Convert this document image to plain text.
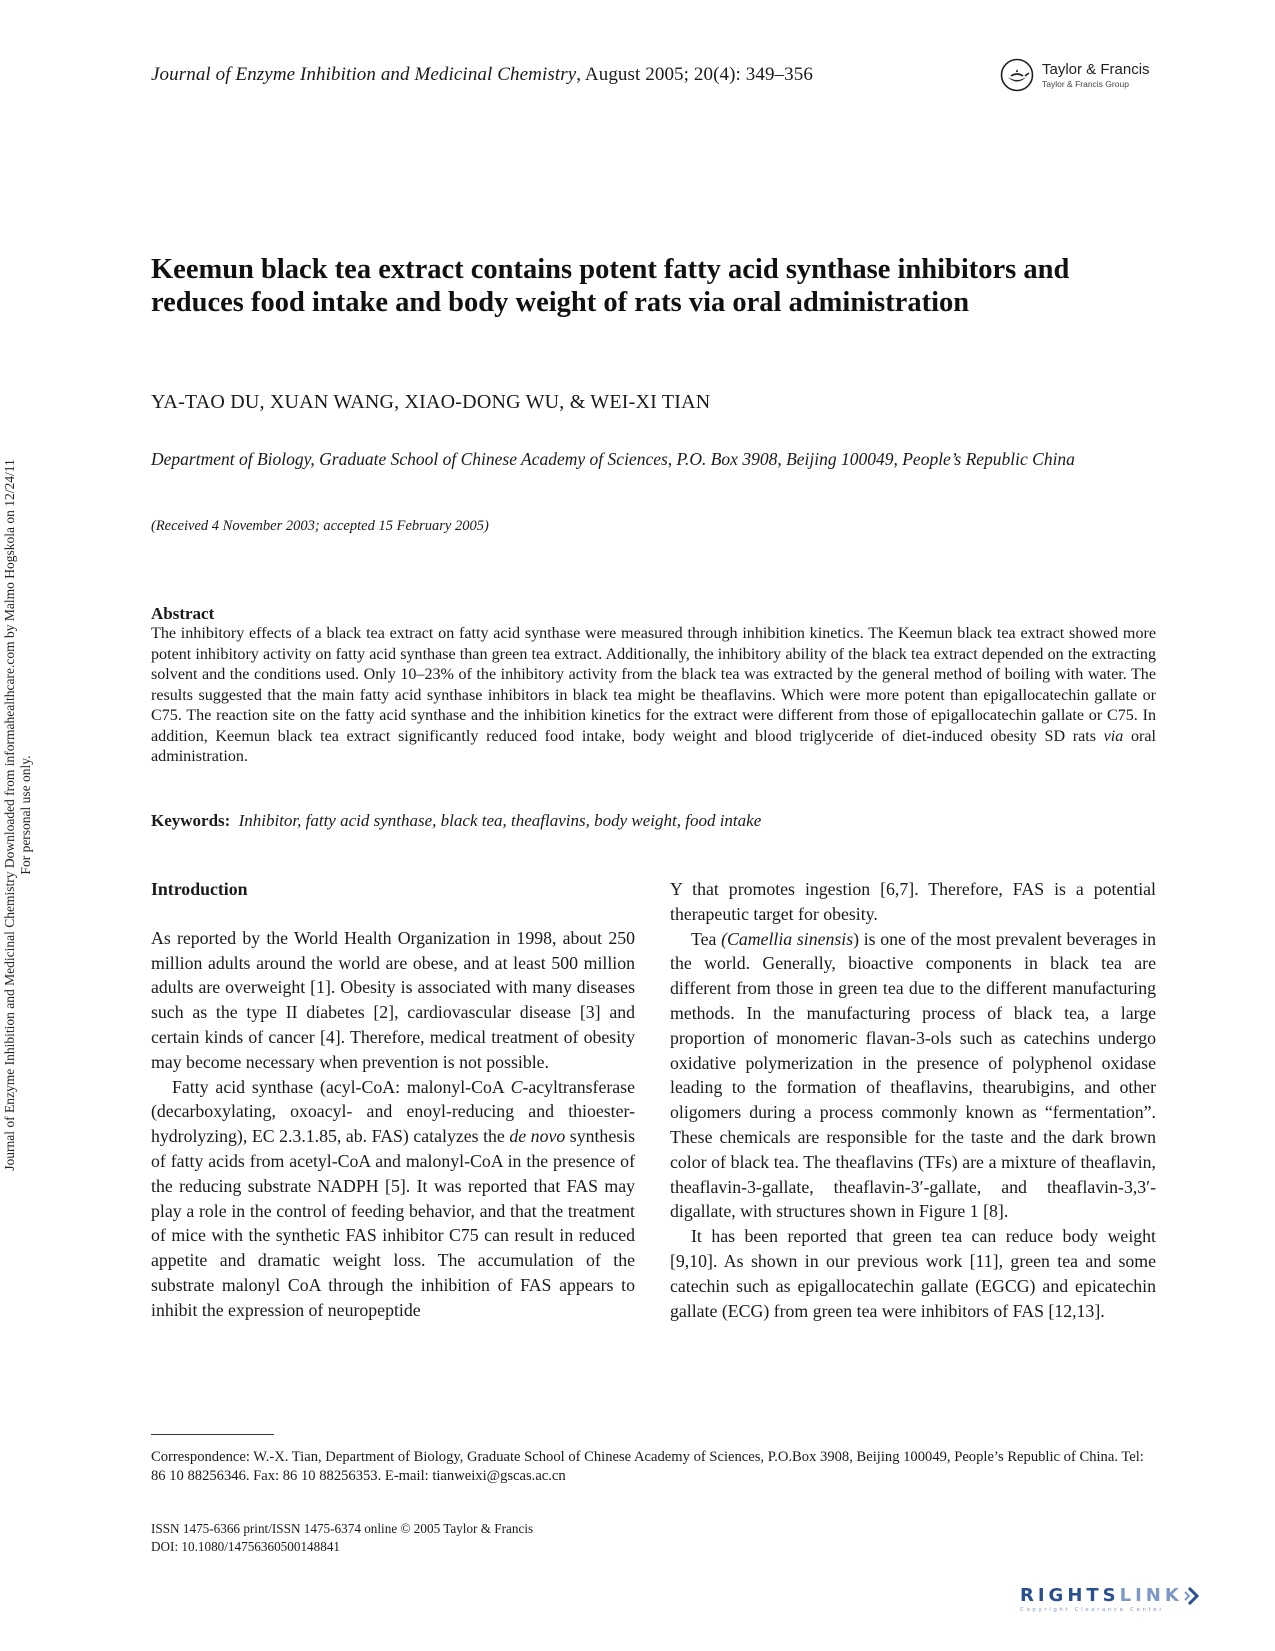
Journal of Enzyme Inhibition and Medicinal Chemistry, August 2005; 20(4): 349–356	Taylor & Francis
Taylor & Francis Group
Journal of Enzyme Inhibition and Medicinal Chemistry Downloaded from informahealthcare.com by Malmo Hogskola on 12/24/11 For personal use only.
Keemun black tea extract contains potent fatty acid synthase inhibitors and reduces food intake and body weight of rats via oral administration
YA-TAO DU, XUAN WANG, XIAO-DONG WU, & WEI-XI TIAN
Department of Biology, Graduate School of Chinese Academy of Sciences, P.O. Box 3908, Beijing 100049, People’s Republic China
(Received 4 November 2003; accepted 15 February 2005)
Abstract
The inhibitory effects of a black tea extract on fatty acid synthase were measured through inhibition kinetics. The Keemun black tea extract showed more potent inhibitory activity on fatty acid synthase than green tea extract. Additionally, the inhibitory ability of the black tea extract depended on the extracting solvent and the conditions used. Only 10–23% of the inhibitory activity from the black tea was extracted by the general method of boiling with water. The results suggested that the main fatty acid synthase inhibitors in black tea might be theaflavins. Which were more potent than epigallocatechin gallate or C75. The reaction site on the fatty acid synthase and the inhibition kinetics for the extract were different from those of epigallocatechin gallate or C75. In addition, Keemun black tea extract significantly reduced food intake, body weight and blood triglyceride of diet-induced obesity SD rats via oral administration.
Keywords: Inhibitor, fatty acid synthase, black tea, theaflavins, body weight, food intake
Introduction

As reported by the World Health Organization in 1998, about 250 million adults around the world are obese, and at least 500 million adults are overweight [1]. Obesity is associated with many diseases such as the type II diabetes [2], cardiovascular disease [3] and certain kinds of cancer [4]. Therefore, medical treatment of obesity may become necessary when prevention is not possible.

Fatty acid synthase (acyl-CoA: malonyl-CoA C-acyltransferase (decarboxylating, oxoacyl- and enoyl-reducing and thioester-hydrolyzing), EC 2.3.1.85, ab. FAS) catalyzes the de novo synthesis of fatty acids from acetyl-CoA and malonyl-CoA in the presence of the reducing substrate NADPH [5]. It was reported that FAS may play a role in the control of feeding behavior, and that the treatment of mice with the synthetic FAS inhibitor C75 can result in reduced appetite and dramatic weight loss. The accumulation of the substrate malonyl CoA through the inhibition of FAS appears to inhibit the expression of neuropeptide

Y that promotes ingestion [6,7]. Therefore, FAS is a potential therapeutic target for obesity.

Tea (Camellia sinensis) is one of the most prevalent beverages in the world. Generally, bioactive components in black tea are different from those in green tea due to the different manufacturing methods. In the manufacturing process of black tea, a large proportion of monomeric flavan-3-ols such as catechins undergo oxidative polymerization in the presence of polyphenol oxidase leading to the formation of theaflavins, thearubigins, and other oligomers during a process commonly known as “fermentation”. These chemicals are responsible for the taste and the dark brown color of black tea. The theaflavins (TFs) are a mixture of theaflavin, theaflavin-3-gallate, theaflavin-3′-gallate, and theaflavin-3,3′- digallate, with structures shown in Figure 1 [8].

It has been reported that green tea can reduce body weight [9,10]. As shown in our previous work [11], green tea and some catechin such as epigallocatechin gallate (EGCG) and epicatechin gallate (ECG) from green tea were inhibitors of FAS [12,13].

Correspondence: W.-X. Tian, Department of Biology, Graduate School of Chinese Academy of Sciences, P.O.Box 3908, Beijing 100049, People’s Republic of China. Tel: 86 10 88256346. Fax: 86 10 88256353. E-mail: tianweixi@gscas.ac.cn
ISSN 1475-6366 print/ISSN 1475-6374 online © 2005 Taylor & Francis
DOI: 10.1080/14756360500148841
RIGHTSLINK
Copyright Clearance Center
